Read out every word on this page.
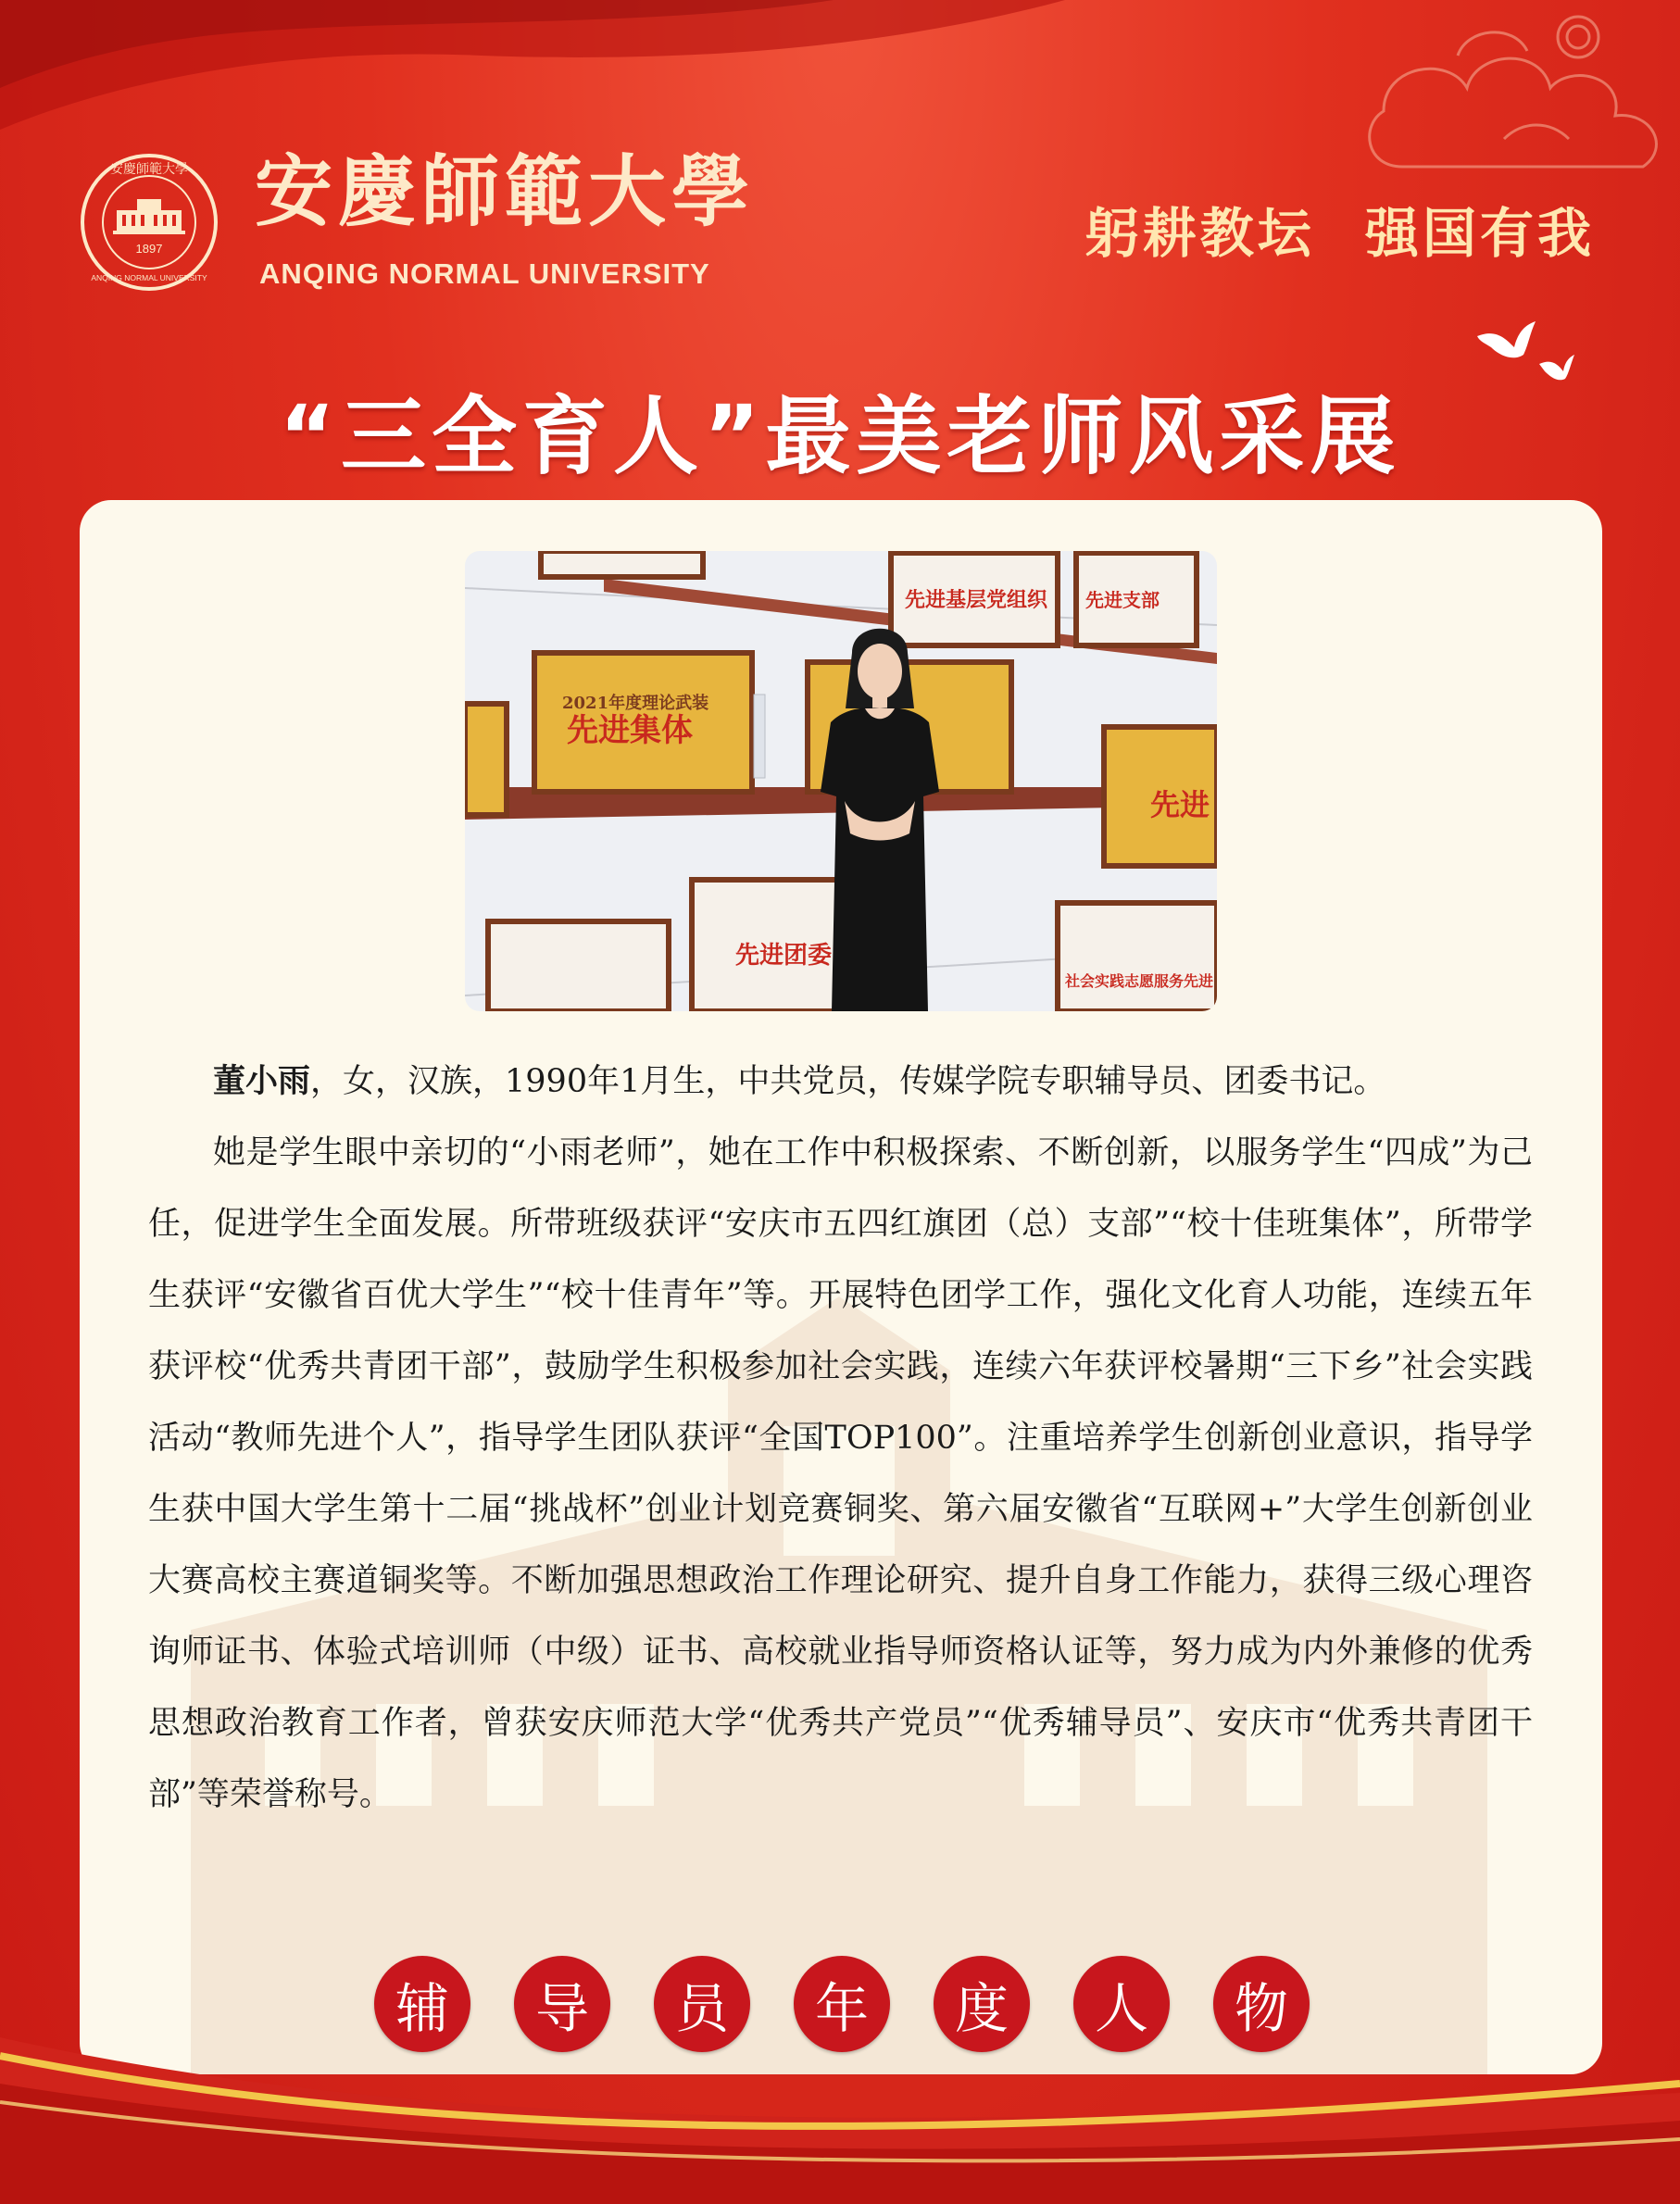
1897
安慶師範大學
ANQING NORMAL UNIVERSITY
安慶師範大學
ANQING NORMAL UNIVERSITY
躬耕教坛 强国有我
“三全育人”最美老师风采展
先进基层党组织 先进支部
2021年度理论武装
先进集体
先进
先进团委
社会实践志愿服务先进

董小雨，女，汉族，1990年1月生，中共党员，传媒学院专职辅导员、团委书记。

她是学生眼中亲切的“小雨老师”，她在工作中积极探索、不断创新，以服务学生“四成”为己任，促进学生全面发展。所带班级获评“安庆市五四红旗团（总）支部”“校十佳班集体”，所带学生获评“安徽省百优大学生”“校十佳青年”等。开展特色团学工作，强化文化育人功能，连续五年获评校“优秀共青团干部”，鼓励学生积极参加社会实践，连续六年获评校暑期“三下乡”社会实践活动“教师先进个人”，指导学生团队获评“全国TOP100”。注重培养学生创新创业意识，指导学生获中国大学生第十二届“挑战杯”创业计划竞赛铜奖、第六届安徽省“互联网+”大学生创新创业大赛高校主赛道铜奖等。不断加强思想政治工作理论研究、提升自身工作能力，获得三级心理咨询师证书、体验式培训师（中级）证书、高校就业指导师资格认证等，努力成为内外兼修的优秀思想政治教育工作者，曾获安庆师范大学“优秀共产党员”“优秀辅导员”、安庆市“优秀共青团干部”等荣誉称号。

辅	导	员	年	度	人	物
